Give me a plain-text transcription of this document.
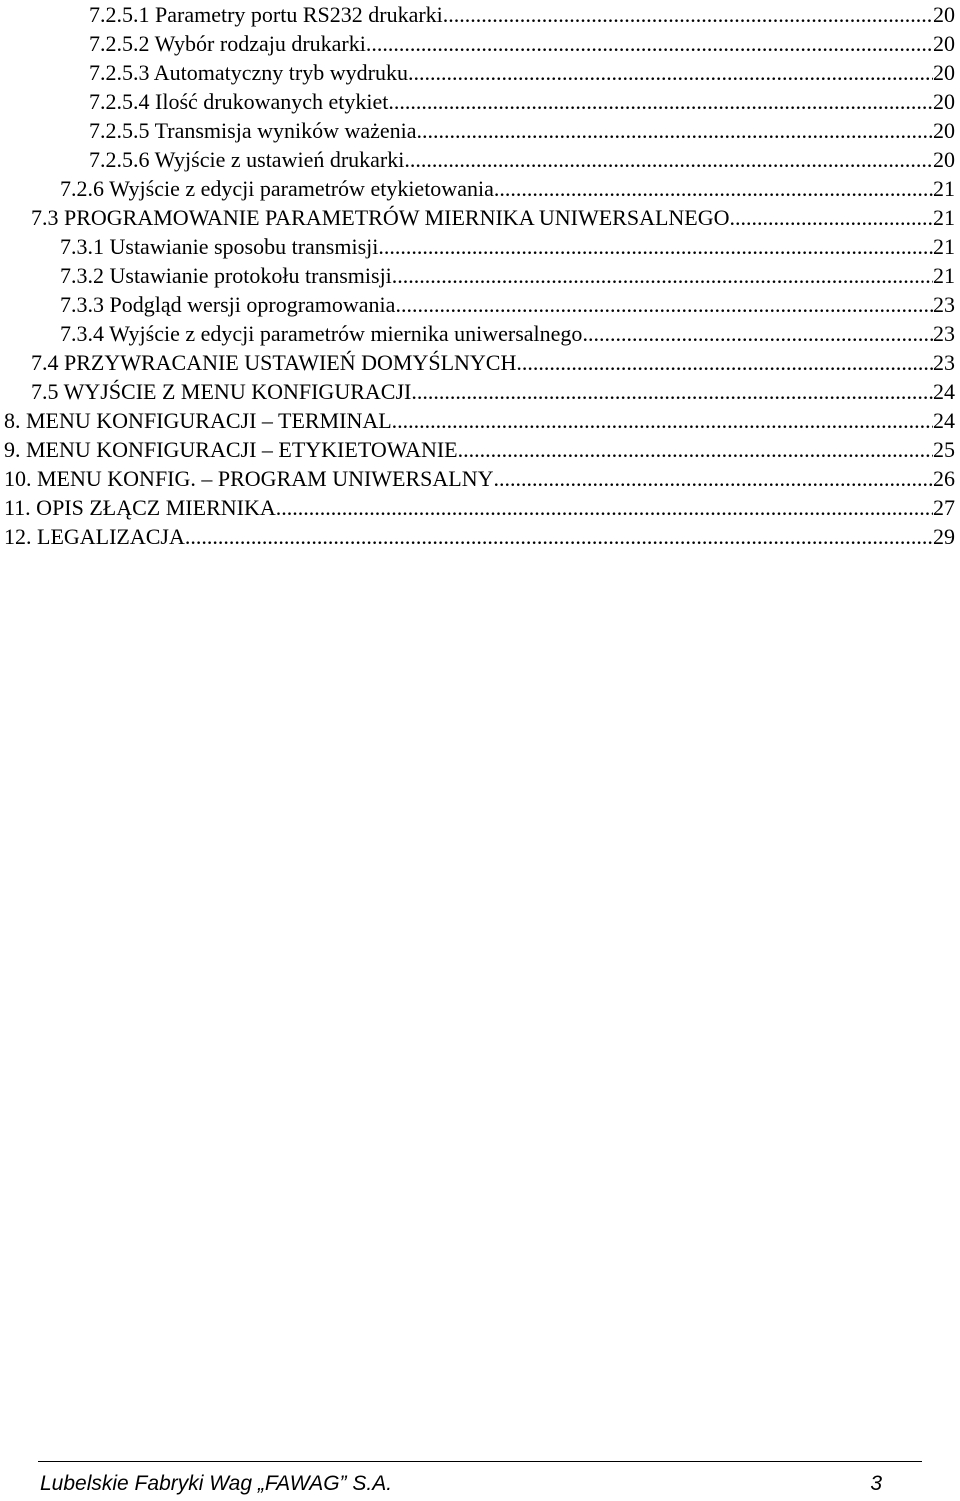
7.2.5.1 Parametry portu RS232 drukarki .....	20
7.2.5.2 Wybór rodzaju drukarki .....	20
7.2.5.3 Automatyczny tryb wydruku .....	20
7.2.5.4 Ilość drukowanych etykiet .....	20
7.2.5.5 Transmisja wyników ważenia .....	20
7.2.5.6 Wyjście z ustawień drukarki .....	20
7.2.6 Wyjście z edycji parametrów etykietowania .....	21
7.3 PROGRAMOWANIE PARAMETRÓW MIERNIKA UNIWERSALNEGO .....	21
7.3.1 Ustawianie sposobu transmisji .....	21
7.3.2 Ustawianie protokołu transmisji .....	21
7.3.3 Podgląd wersji oprogramowania .....	23
7.3.4 Wyjście z edycji parametrów miernika uniwersalnego .....	23
7.4 PRZYWRACANIE USTAWIEŃ DOMYŚLNYCH .....	23
7.5 WYJŚCIE Z MENU KONFIGURACJI .....	24
8. MENU KONFIGURACJI – TERMINAL .....	24
9. MENU KONFIGURACJI – ETYKIETOWANIE .....	25
10. MENU KONFIG. – PROGRAM UNIWERSALNY .....	26
11. OPIS ZŁĄCZ MIERNIKA .....	27
12. LEGALIZACJA .....	29
Lubelskie Fabryki Wag „FAWAG” S.A.	3
